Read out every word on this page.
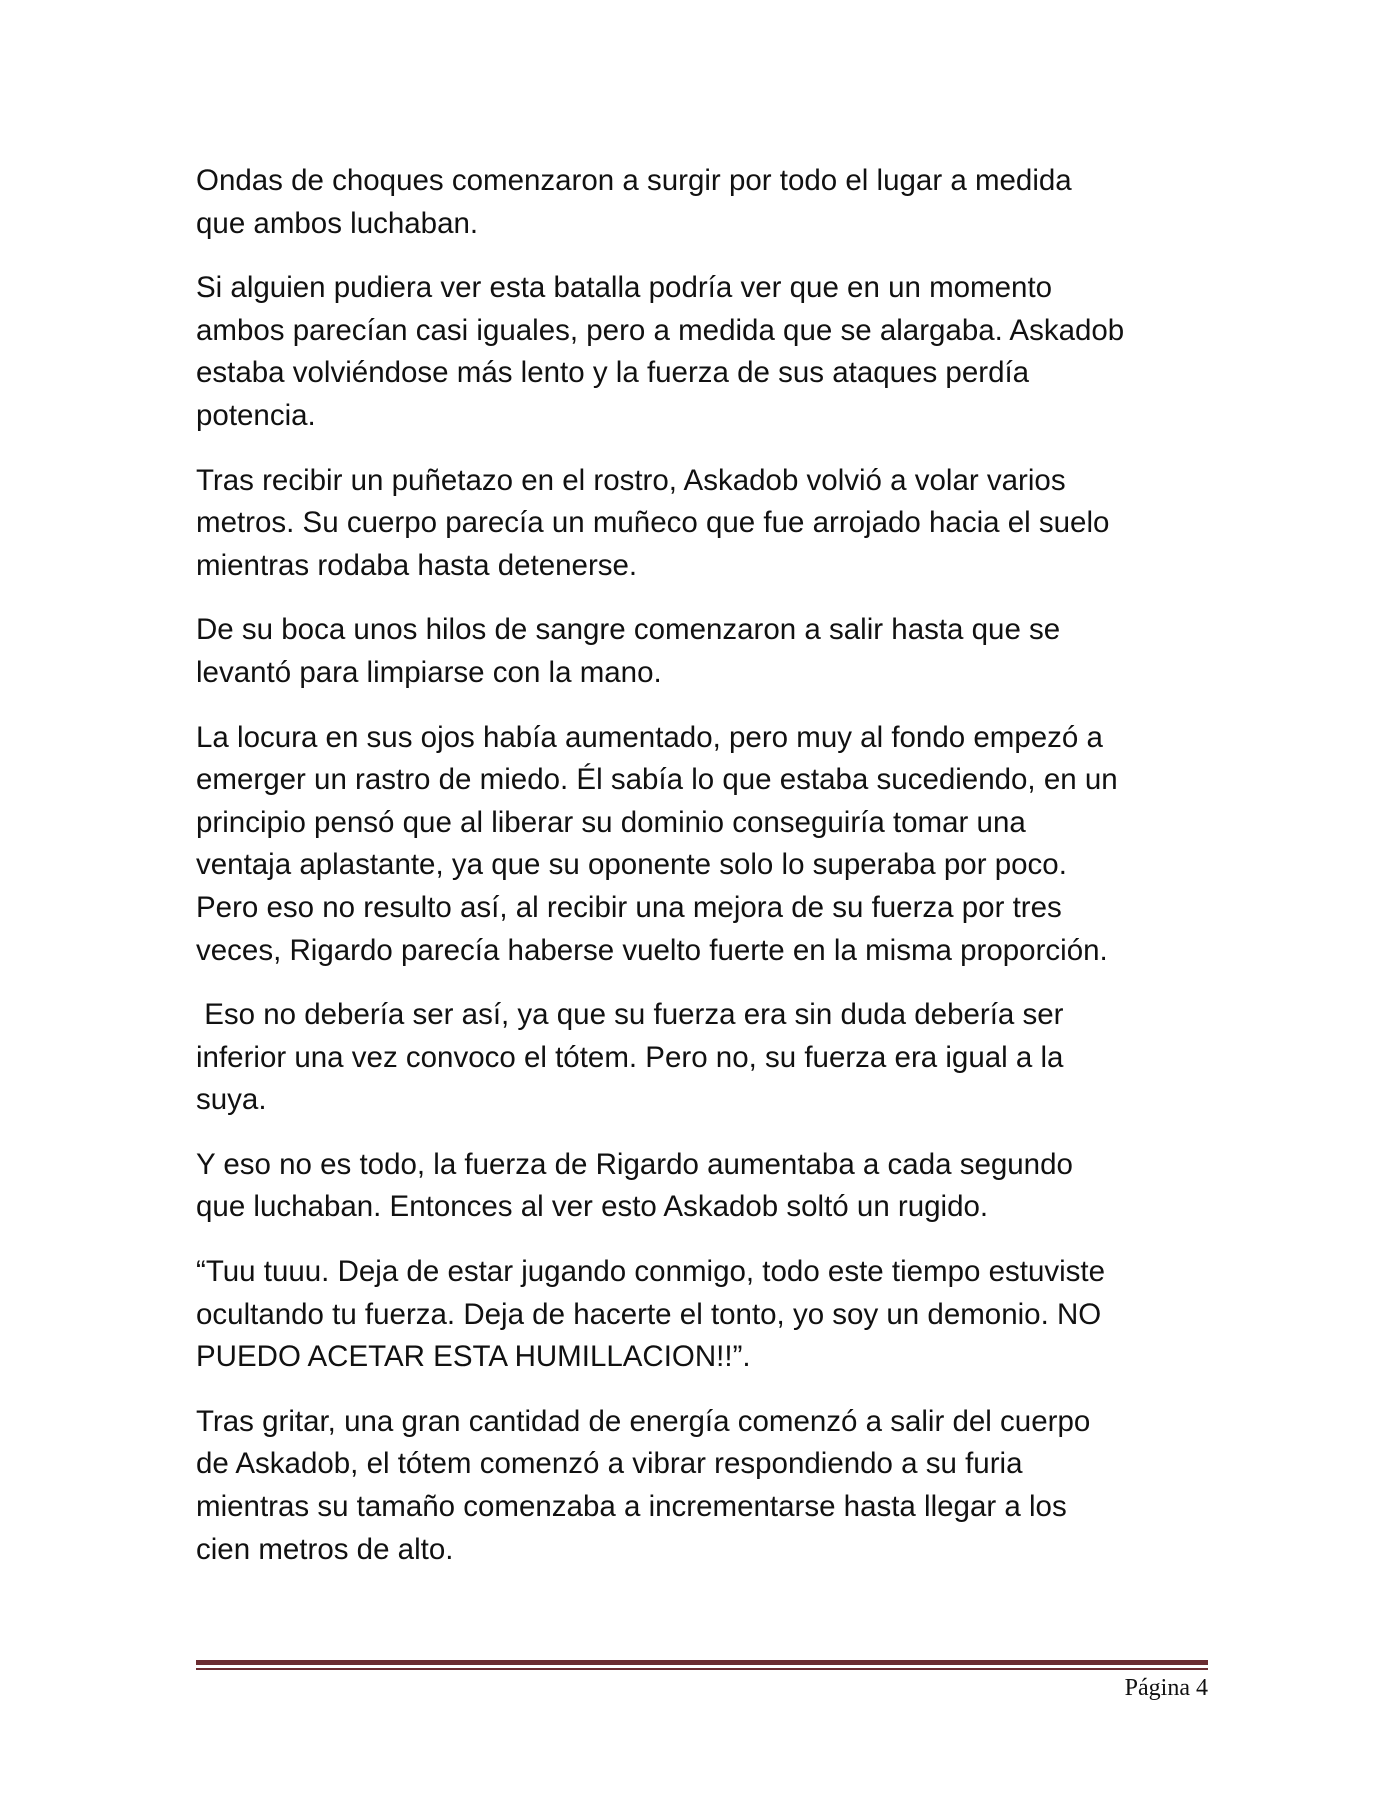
Ondas de choques comenzaron a surgir por todo el lugar a medida
que ambos luchaban.

Si alguien pudiera ver esta batalla podría ver que en un momento
ambos parecían casi iguales, pero a medida que se alargaba. Askadob
estaba volviéndose más lento y la fuerza de sus ataques perdía
potencia.

Tras recibir un puñetazo en el rostro, Askadob volvió a volar varios
metros. Su cuerpo parecía un muñeco que fue arrojado hacia el suelo
mientras rodaba hasta detenerse.

De su boca unos hilos de sangre comenzaron a salir hasta que se
levantó para limpiarse con la mano.

La locura en sus ojos había aumentado, pero muy al fondo empezó a
emerger un rastro de miedo. Él sabía lo que estaba sucediendo, en un
principio pensó que al liberar su dominio conseguiría tomar una
ventaja aplastante, ya que su oponente solo lo superaba por poco.
Pero eso no resulto así, al recibir una mejora de su fuerza por tres
veces, Rigardo parecía haberse vuelto fuerte en la misma proporción.

Eso no debería ser así, ya que su fuerza era sin duda debería ser
inferior una vez convoco el tótem. Pero no, su fuerza era igual a la
suya.

Y eso no es todo, la fuerza de Rigardo aumentaba a cada segundo
que luchaban. Entonces al ver esto Askadob soltó un rugido.

“Tuu tuuu. Deja de estar jugando conmigo, todo este tiempo estuviste
ocultando tu fuerza. Deja de hacerte el tonto, yo soy un demonio. NO
PUEDO ACETAR ESTA HUMILLACION!!”.

Tras gritar, una gran cantidad de energía comenzó a salir del cuerpo
de Askadob, el tótem comenzó a vibrar respondiendo a su furia
mientras su tamaño comenzaba a incrementarse hasta llegar a los
cien metros de alto.

Página 4
